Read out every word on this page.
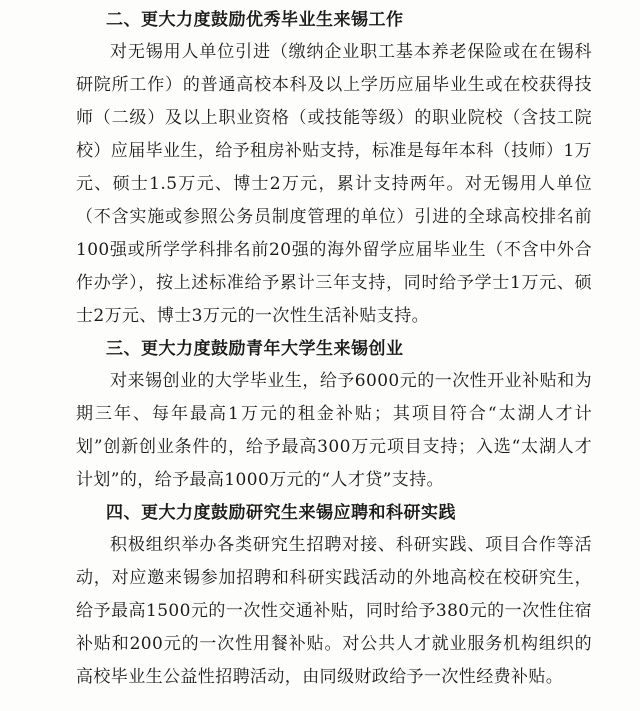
二、更大力度鼓励优秀毕业生来锡工作

对无锡用人单位引进（缴纳企业职工基本养老保险或在在锡科研院所工作）的普通高校本科及以上学历应届毕业生或在校获得技师（二级）及以上职业资格（或技能等级）的职业院校（含技工院校）应届毕业生，给予租房补贴支持，标准是每年本科（技师）1万元、硕士1.5万元、博士2万元，累计支持两年。对无锡用人单位（不含实施或参照公务员制度管理的单位）引进的全球高校排名前100强或所学学科排名前20强的海外留学应届毕业生（不含中外合作办学），按上述标准给予累计三年支持，同时给予学士1万元、硕士2万元、博士3万元的一次性生活补贴支持。

三、更大力度鼓励青年大学生来锡创业

对来锡创业的大学毕业生，给予6000元的一次性开业补贴和为期三年、每年最高1万元的租金补贴；其项目符合“太湖人才计划”创新创业条件的，给予最高300万元项目支持；入选“太湖人才计划”的，给予最高1000万元的“人才贷”支持。

四、更大力度鼓励研究生来锡应聘和科研实践

积极组织举办各类研究生招聘对接、科研实践、项目合作等活动，对应邀来锡参加招聘和科研实践活动的外地高校在校研究生，给予最高1500元的一次性交通补贴，同时给予380元的一次性住宿补贴和200元的一次性用餐补贴。对公共人才就业服务机构组织的高校毕业生公益性招聘活动，由同级财政给予一次性经费补贴。
